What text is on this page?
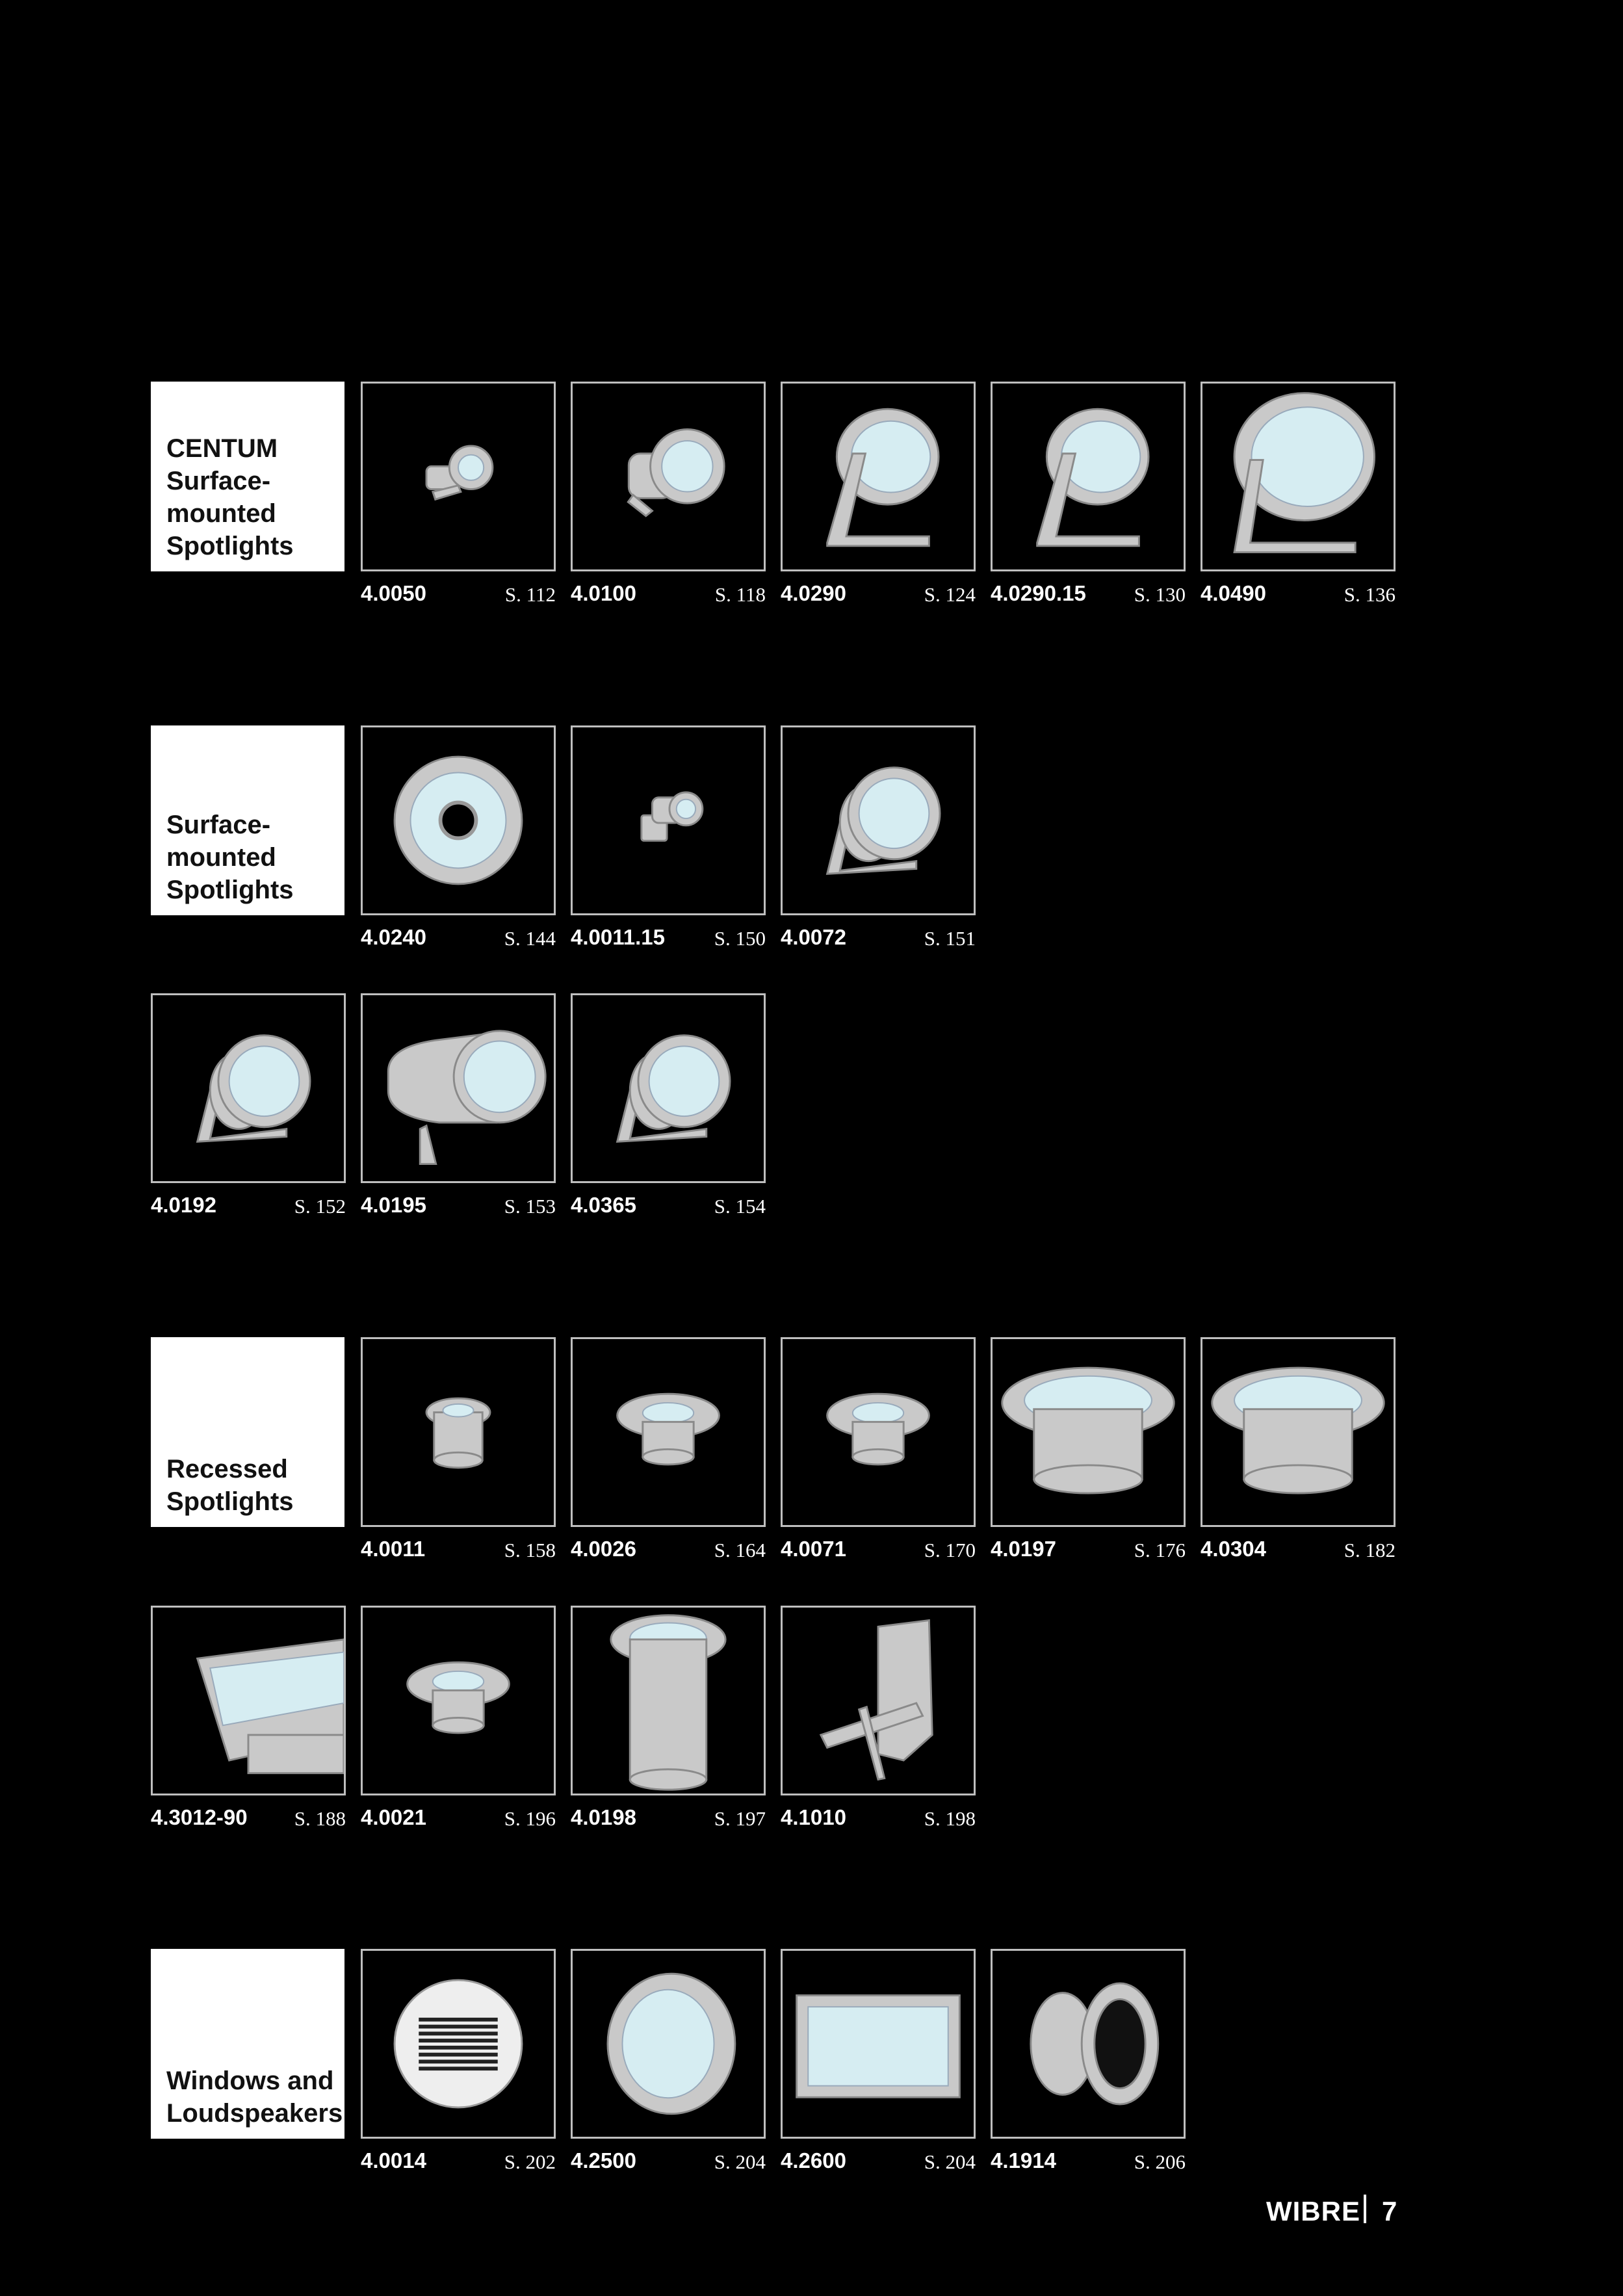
CENTUM
Surface-
mounted
Spotlights
4.0050	S. 112 4.0100	S. 118 4.0290	S. 124 4.0290.15	S. 130 4.0490	S. 136
Surface-
mounted
Spotlights
4.0240	S. 144 4.0011.15	S. 150 4.0072	S. 151
4.0192	S. 152 4.0195	S. 153 4.0365	S. 154
Recessed
Spotlights
4.0011	S. 158 4.0026	S. 164 4.0071	S. 170 4.0197	S. 176 4.0304	S. 182
4.3012-90	S. 188 4.0021	S. 196 4.0198	S. 197 4.1010	S. 198
Windows and
Loudspeakers
4.0014	S. 202 4.2500	S. 204 4.2600	S. 204 4.1914	S. 206
WIBRE 7
